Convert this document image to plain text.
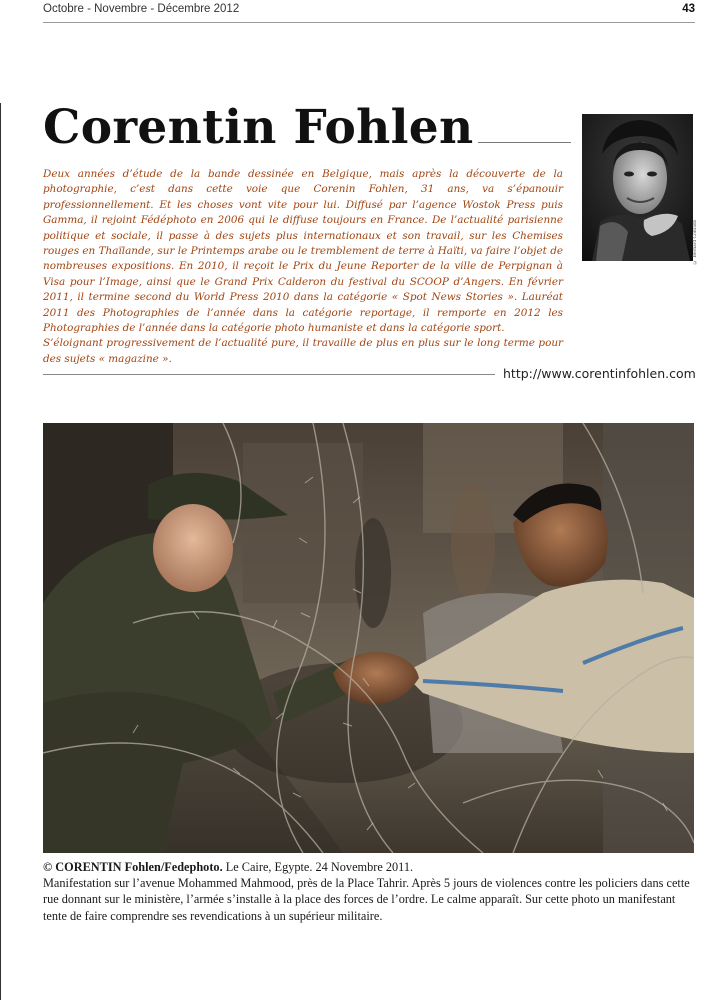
Octobre - Novembre - Décembre 2012	43
Corentin Fohlen
© Bernard Conrado

Deux années d’étude de la bande dessinée en Belgique, mais après la découverte de la photographie, c’est dans cette voie que Corenin Fohlen, 31 ans, va s’épanouir professionnellement. Et les choses vont vite pour lui. Diffusé par l’agence Wostok Press puis Gamma, il rejoint Fédéphoto en 2006 qui le diffuse toujours en France. De l’actualité parisienne politique et sociale, il passe à des sujets plus internationaux et son travail, sur les Chemises rouges en Thaïlande, sur le Printemps arabe ou le tremblement de terre à Haïti, va faire l’objet de nombreuses expositions. En 2010, il reçoit le Prix du Jeune Reporter de la ville de Perpignan à Visa pour l’Image, ainsi que le Grand Prix Calderon du festival du SCOOP d’Angers. En février 2011, il termine second du World Press 2010 dans la catégorie « Spot News Stories ». Lauréat 2011 des Photographies de l’année dans la catégorie reportage, il remporte en 2012 les Photographies de l’année dans la catégorie photo humaniste et dans la catégorie sport.
S’éloignant progressivement de l’actualité pure, il travaille de plus en plus sur le long terme pour des sujets « magazine ».

http://www.corentinfohlen.com

© CORENTIN Fohlen/Fedephoto. Le Caire, Egypte. 24 Novembre 2011.
Manifestation sur l’avenue Mohammed Mahmood, près de la Place Tahrir. Après 5 jours de violences contre les policiers dans cette rue donnant sur le ministère, l’armée s’installe à la place des forces de l’ordre. Le calme apparaît. Sur cette photo un manifestant tente de faire comprendre ses revendications à un supérieur militaire.
